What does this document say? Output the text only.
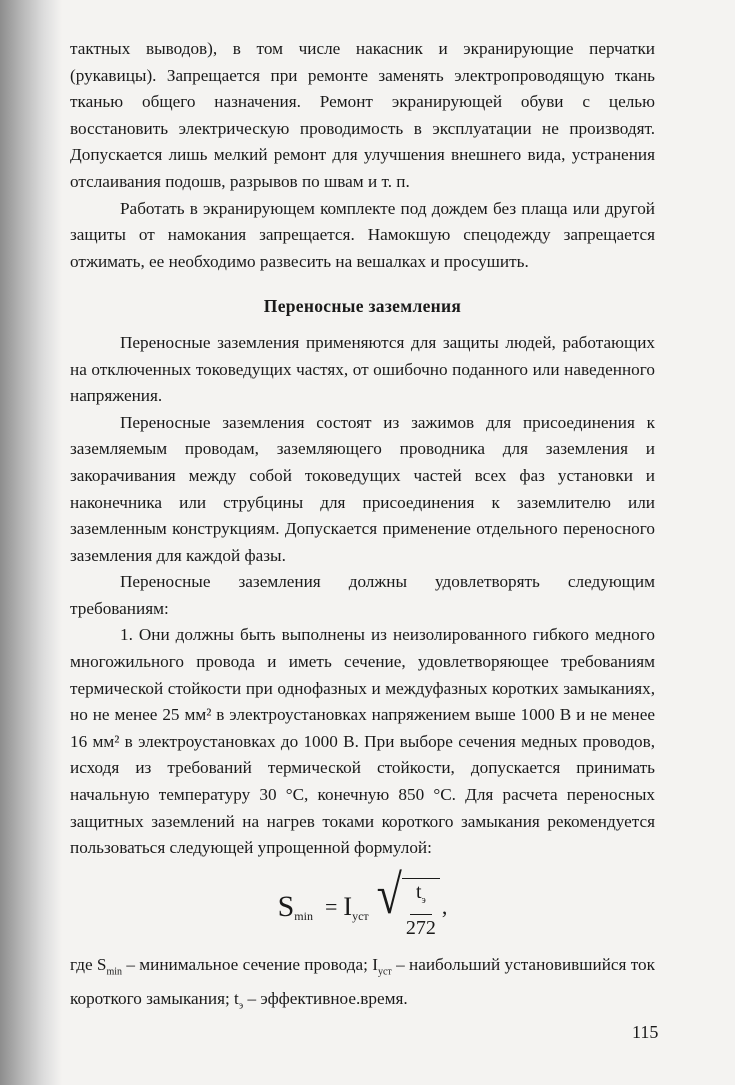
тактных выводов), в том числе накасник и экранирующие перчатки (рукавицы). Запрещается при ремонте заменять электропроводящую ткань тканью общего назначения. Ремонт экранирующей обуви с целью восстановить электрическую проводимость в эксплуатации не производят. Допускается лишь мелкий ремонт для улучшения внешнего вида, устранения отслаивания подошв, разрывов по швам и т. п.

Работать в экранирующем комплекте под дождем без плаща или другой защиты от намокания запрещается. Намокшую спецодежду запрещается отжимать, ее необходимо развесить на вешалках и просушить.

Переносные заземления

Переносные заземления применяются для защиты людей, работающих на отключенных токоведущих частях, от ошибочно поданного или наведенного напряжения.

Переносные заземления состоят из зажимов для присоединения к заземляемым проводам, заземляющего проводника для заземления и закорачивания между собой токоведущих частей всех фаз установки и наконечника или струбцины для присоединения к заземлителю или заземленным конструкциям. Допускается применение отдельного переносного заземления для каждой фазы.

Переносные заземления должны удовлетворять следующим требованиям:

1. Они должны быть выполнены из неизолированного гибкого медного многожильного провода и иметь сечение, удовлетворяющее требованиям термической стойкости при однофазных и междуфазных коротких замыканиях, но не менее 25 мм² в электроустановках напряжением выше 1000 В и не менее 16 мм² в электроустановках до 1000 В. При выборе сечения медных проводов, исходя из требований термической стойкости, допускается принимать начальную температуру 30 °С, конечную 850 °С. Для расчета переносных защитных заземлений на нагрев токами короткого замыкания рекомендуется пользоваться следующей упрощенной формулой:

S min = I уст √ $\frac{t_э}{272}$ ,

где $S_{min}$ – минимальное сечение провода; $I_{уст}$ – наибольший установившийся ток короткого замыкания; $t_э$ – эффективное.время.

115
